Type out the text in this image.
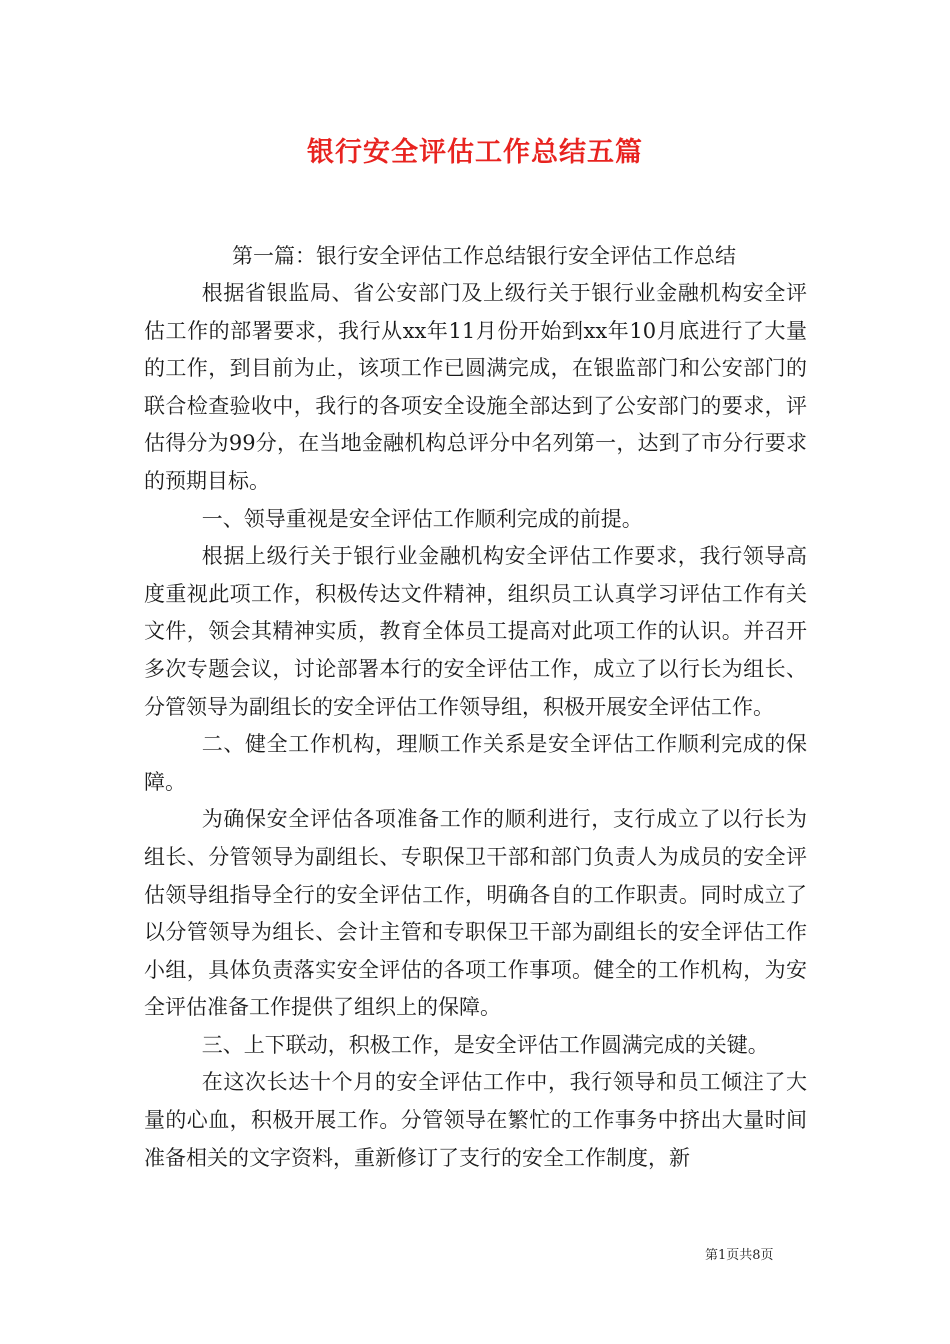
银行安全评估工作总结五篇

第一篇：银行安全评估工作总结银行安全评估工作总结

根据省银监局、省公安部门及上级行关于银行业金融机构安全评估工作的部署要求，我行从xx年11月份开始到xx年10月底进行了大量的工作，到目前为止，该项工作已圆满完成，在银监部门和公安部门的联合检查验收中，我行的各项安全设施全部达到了公安部门的要求，评估得分为99分，在当地金融机构总评分中名列第一，达到了市分行要求的预期目标。

一、领导重视是安全评估工作顺利完成的前提。

根据上级行关于银行业金融机构安全评估工作要求，我行领导高度重视此项工作，积极传达文件精神，组织员工认真学习评估工作有关文件，领会其精神实质，教育全体员工提高对此项工作的认识。并召开多次专题会议，讨论部署本行的安全评估工作，成立了以行长为组长、分管领导为副组长的安全评估工作领导组，积极开展安全评估工作。

二、健全工作机构，理顺工作关系是安全评估工作顺利完成的保障。

为确保安全评估各项准备工作的顺利进行，支行成立了以行长为组长、分管领导为副组长、专职保卫干部和部门负责人为成员的安全评估领导组指导全行的安全评估工作，明确各自的工作职责。同时成立了以分管领导为组长、会计主管和专职保卫干部为副组长的安全评估工作小组，具体负责落实安全评估的各项工作事项。健全的工作机构，为安全评估准备工作提供了组织上的保障。

三、上下联动，积极工作，是安全评估工作圆满完成的关键。

在这次长达十个月的安全评估工作中，我行领导和员工倾注了大量的心血，积极开展工作。分管领导在繁忙的工作事务中挤出大量时间准备相关的文字资料，重新修订了支行的安全工作制度，新

第1页共8页
